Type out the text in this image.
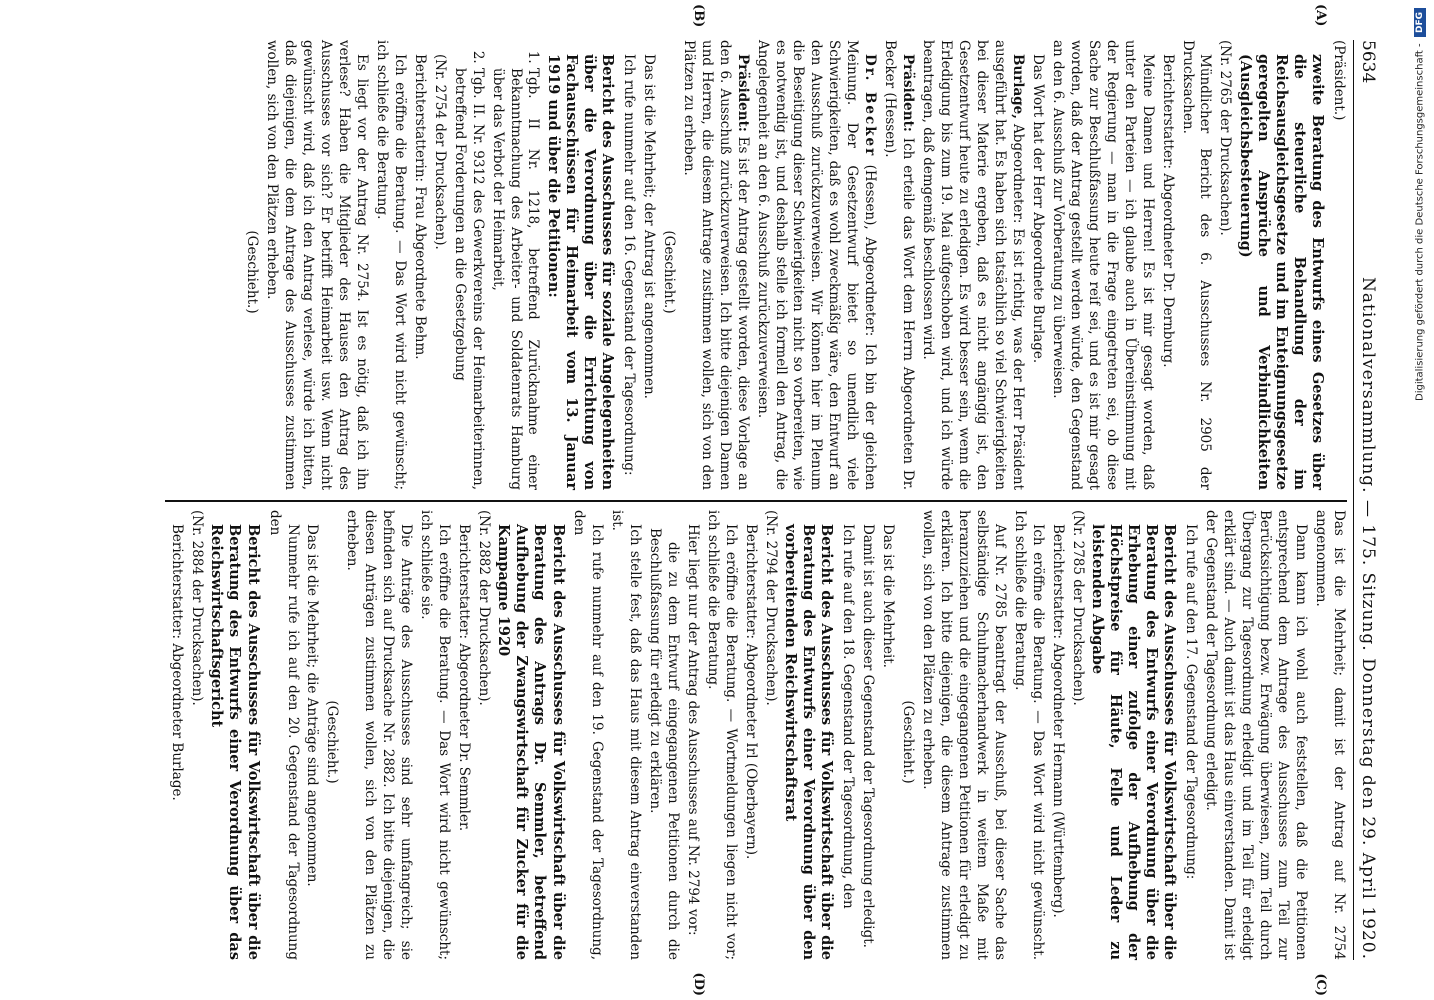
5634
Nationalversammlung. — 175. Sitzung. Donnerstag den 29. April 1920.
(A)
(B)

(Präsident.)

zweite Beratung des Entwurfs eines Gesetzes über die steuerliche Behandlung der im Reichsausgleichsgesetze und im Enteignungsgesetze geregelten Ansprüche und Verbindlichkeiten (Ausgleichsbesteuerung)

(Nr. 2765 der Drucksachen).

Mündlicher Bericht des 6. Ausschusses Nr. 2905 der Drucksachen.

Berichterstatter: Abgeordneter Dr. Dernburg.

Meine Damen und Herren! Es ist mir gesagt worden, daß unter den Parteien — ich glaube auch in Übereinstimmung mit der Regierung — man in die Frage eingetreten sei, ob diese Sache zur Beschlußfassung heute reif sei, und es ist mir gesagt worden, daß der Antrag gestellt werden würde, den Gegenstand an den 6. Ausschuß zur Vorberatung zu überweisen.

Das Wort hat der Herr Abgeordnete Burlage.

Burlage, Abgeordneter: Es ist richtig, was der Herr Präsident ausgeführt hat. Es haben sich tatsächlich so viel Schwierigkeiten bei dieser Materie ergeben, daß es nicht angängig ist, den Gesetzentwurf heute zu erledigen. Es wird besser sein, wenn die Erledigung bis zum 19. Mai aufgeschoben wird, und ich würde beantragen, daß demgemäß beschlossen wird.

Präsident: Ich erteile das Wort dem Herrn Abgeordneten Dr. Becker (Hessen).

Dr. Becker (Hessen), Abgeordneter: Ich bin der gleichen Meinung. Der Gesetzentwurf bietet so unendlich viele Schwierigkeiten, daß es wohl zweckmäßig wäre, den Entwurf an den Ausschuß zurückzuverweisen. Wir können hier im Plenum die Beseitigung dieser Schwierigkeiten nicht so vorbereiten, wie es notwendig ist, und deshalb stelle ich formell den Antrag, die Angelegenheit an den 6. Ausschuß zurückzuverweisen.

Präsident: Es ist der Antrag gestellt worden, diese Vorlage an den 6. Ausschuß zurückzuverweisen. Ich bitte diejenigen Damen und Herren, die diesem Antrage zustimmen wollen, sich von den Plätzen zu erheben.

(Geschieht.)

Das ist die Mehrheit; der Antrag ist angenommen.

Ich rufe nunmehr auf den 16. Gegenstand der Tagesordnung:

Bericht des Ausschusses für soziale Angelegenheiten über die Verordnung über die Errichtung von Fachausschüssen für Heimarbeit vom 13. Januar 1919 und über die Petitionen:
1. Tgb. II Nr. 1218, betreffend Zurücknahme einer Bekanntmachung des Arbeiter- und Soldatenrats Hamburg über das Verbot der Heimarbeit,
2. Tgb. II. Nr. 9312 des Gewerkvereins der Heimarbeiterinnen, betreffend Forderungen an die Gesetzgebung

(Nr. 2754 der Drucksachen).

Berichterstatterin: Frau Abgeordnete Behm.

Ich eröffne die Beratung. — Das Wort wird nicht gewünscht; ich schließe die Beratung.

Es liegt vor der Antrag Nr. 2754. Ist es nötig, daß ich ihn verlese? Haben die Mitglieder des Hauses den Antrag des Ausschusses vor sich? Er betrifft Heimarbeit usw. Wenn nicht gewünscht wird, daß ich den Antrag verlese, würde ich bitten, daß diejenigen, die dem Antrage des Ausschusses zustimmen wollen, sich von den Plätzen erheben.

(Geschieht.)

(C)
(D)

Das ist die Mehrheit; damit ist der Antrag auf Nr. 2754 angenommen.

Dann kann ich wohl auch feststellen, daß die Petitionen entsprechend dem Antrage des Ausschusses zum Teil zur Berücksichtigung bezw. Erwägung überwiesen, zum Teil durch Übergang zur Tagesordnung erledigt und im Teil für erledigt erklärt sind. — Auch damit ist das Haus einverstanden. Damit ist der Gegenstand der Tagesordnung erledigt.

Ich rufe auf den 17. Gegenstand der Tagesordnung:

Bericht des Ausschusses für Volkswirtschaft über die Beratung des Entwurfs einer Verordnung über die Erhebung einer zufolge der Aufhebung der Höchstpreise für Häute, Felle und Leder zu leistenden Abgabe

(Nr. 2785 der Drucksachen).

Berichterstatter: Abgeordneter Hermann (Württemberg).

Ich eröffne die Beratung. — Das Wort wird nicht gewünscht. Ich schließe die Beratung.

Auf Nr. 2785 beantragt der Ausschuß, bei dieser Sache das selbständige Schuhmacherhandwerk in weitem Maße mit heranzuziehen und die eingegangenen Petitionen für erledigt zu erklären. Ich bitte diejenigen, die diesem Antrage zustimmen wollen, sich von den Plätzen zu erheben.

(Geschieht.)

Das ist die Mehrheit.

Damit ist auch dieser Gegenstand der Tagesordnung erledigt.

Ich rufe auf den 18. Gegenstand der Tagesordnung, den

Bericht des Ausschusses für Volkswirtschaft über die Beratung des Entwurfs einer Verordnung über den vorbereitenden Reichswirtschaftsrat

(Nr. 2794 der Drucksachen).

Berichterstatter: Abgeordneter Irl (Oberbayern).

Ich eröffne die Beratung. — Wortmeldungen liegen nicht vor; ich schließe die Beratung.

Hier liegt nur der Antrag des Ausschusses auf Nr. 2794 vor:

die zu dem Entwurf eingegangenen Petitionen durch die Beschlußfassung für erledigt zu erklären.

Ich stelle fest, daß das Haus mit diesem Antrag einverstanden ist.

Ich rufe nunmehr auf den 19. Gegenstand der Tagesordnung, den

Bericht des Ausschusses für Volkswirtschaft über die Beratung des Antrags Dr. Semmler, betreffend Aufhebung der Zwangswirtschaft für Zucker für die Kampagne 1920

(Nr. 2882 der Drucksachen).

Berichterstatter: Abgeordneter Dr. Semmler.

Ich eröffne die Beratung. — Das Wort wird nicht gewünscht; ich schließe sie.

Die Anträge des Ausschusses sind sehr umfangreich; sie befinden sich auf Drucksache Nr. 2882. Ich bitte diejenigen, die diesen Anträgen zustimmen wollen, sich von den Plätzen zu erheben.

(Geschieht.)

Das ist die Mehrheit; die Anträge sind angenommen.

Nunmehr rufe ich auf den 20. Gegenstand der Tagesordnung den

Bericht des Ausschusses für Volkswirtschaft über die Beratung des Entwurfs einer Verordnung über das Reichswirtschaftsgericht

(Nr. 2884 der Drucksachen).

Berichterstatter: Abgeordneter Burlage.

Digitalisierung gefördert durch die Deutsche Forschungsgemeinschaft -
DFG
